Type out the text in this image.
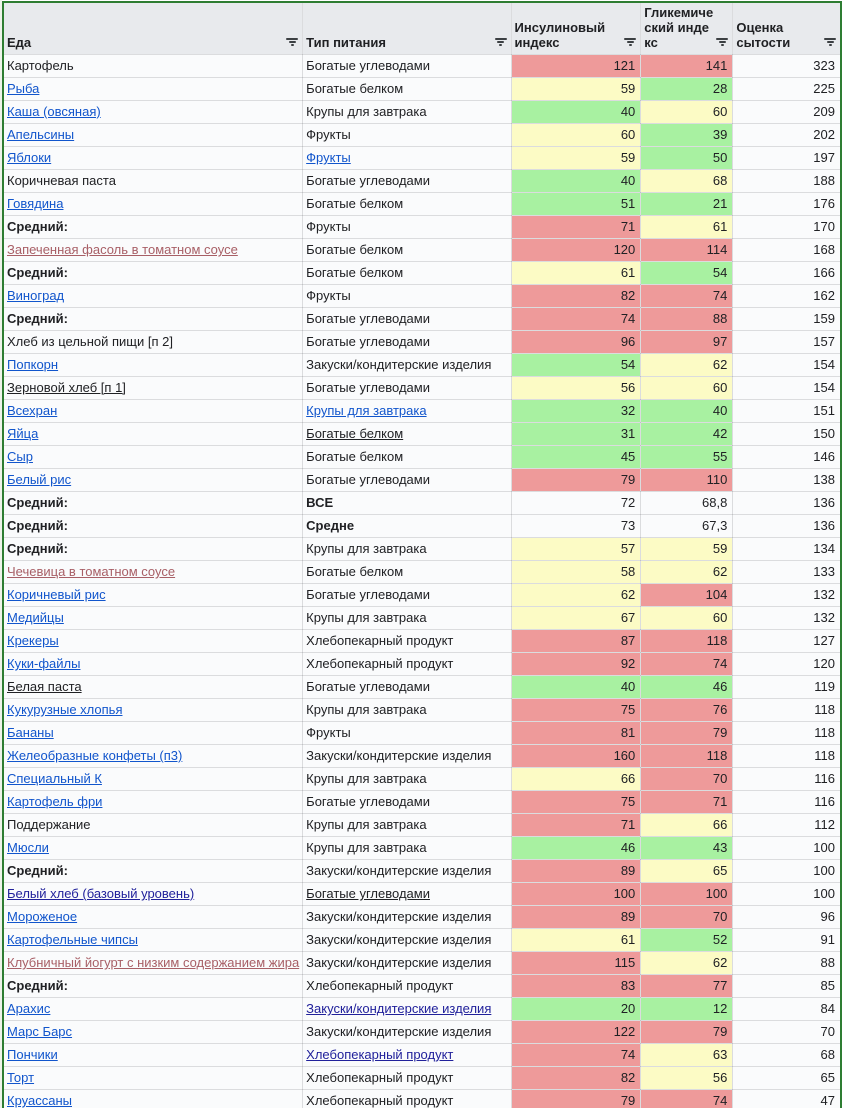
Еда	Тип питания	Инсулиновый индекс	Гликемический индекс	Оценка сытости

Картофель	Богатые углеводами	121	141	323
Рыба	Богатые белком	59	28	225
Каша (овсяная)	Крупы для завтрака	40	60	209
Апельсины	Фрукты	60	39	202
Яблоки	Фрукты	59	50	197
Коричневая паста	Богатые углеводами	40	68	188
Говядина	Богатые белком	51	21	176
Средний:	Фрукты	71	61	170
Запеченная фасоль в томатном соусе	Богатые белком	120	114	168
Средний:	Богатые белком	61	54	166
Виноград	Фрукты	82	74	162
Средний:	Богатые углеводами	74	88	159
Хлеб из цельной пищи [п 2]	Богатые углеводами	96	97	157
Попкорн	Закуски/кондитерские изделия	54	62	154
Зерновой хлеб [п 1]	Богатые углеводами	56	60	154
Всехран	Крупы для завтрака	32	40	151
Яйца	Богатые белком	31	42	150
Сыр	Богатые белком	45	55	146
Белый рис	Богатые углеводами	79	110	138
Средний:	ВСЕ	72	68,8	136
Средний:	Средне	73	67,3	136
Средний:	Крупы для завтрака	57	59	134
Чечевица в томатном соусе	Богатые белком	58	62	133
Коричневый рис	Богатые углеводами	62	104	132
Медийцы	Крупы для завтрака	67	60	132
Крекеры	Хлебопекарный продукт	87	118	127
Куки-файлы	Хлебопекарный продукт	92	74	120
Белая паста	Богатые углеводами	40	46	119
Кукурузные хлопья	Крупы для завтрака	75	76	118
Бананы	Фрукты	81	79	118
Желеобразные конфеты (п3)	Закуски/кондитерские изделия	160	118	118
Специальный К	Крупы для завтрака	66	70	116
Картофель фри	Богатые углеводами	75	71	116
Поддержание	Крупы для завтрака	71	66	112
Мюсли	Крупы для завтрака	46	43	100
Средний:	Закуски/кондитерские изделия	89	65	100
Белый хлеб (базовый уровень)	Богатые углеводами	100	100	100
Мороженое	Закуски/кондитерские изделия	89	70	96
Картофельные чипсы	Закуски/кондитерские изделия	61	52	91
Клубничный йогурт с низким содержанием жира	Закуски/кондитерские изделия	115	62	88
Средний:	Хлебопекарный продукт	83	77	85
Арахис	Закуски/кондитерские изделия	20	12	84
Марс Барс	Закуски/кондитерские изделия	122	79	70
Пончики	Хлебопекарный продукт	74	63	68
Торт	Хлебопекарный продукт	82	56	65
Круассаны	Хлебопекарный продукт	79	74	47
